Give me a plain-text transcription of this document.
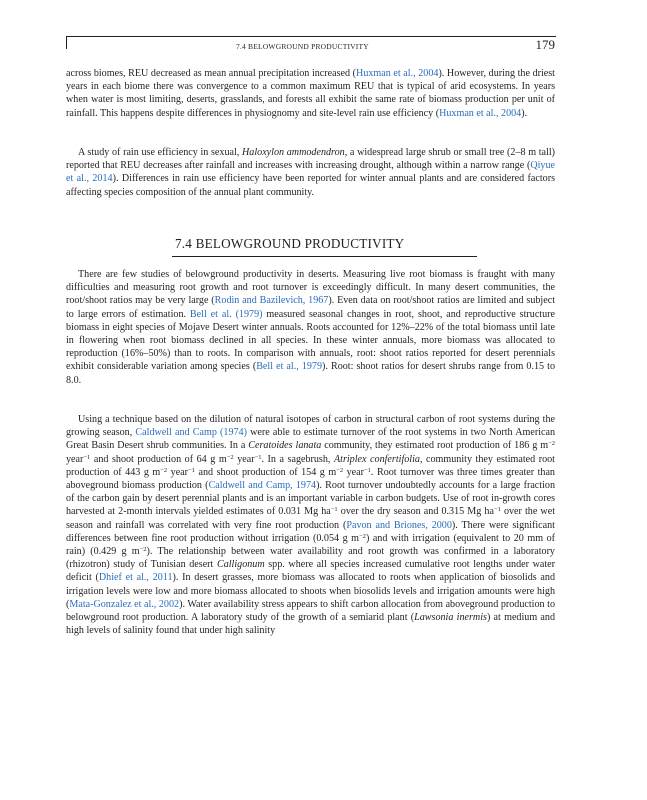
7.4 BELOWGROUND PRODUCTIVITY	179

across biomes, REU decreased as mean annual precipitation increased (Huxman et al., 2004). However, during the driest years in each biome there was convergence to a common maximum REU that is typical of arid ecosystems. In years when water is most limiting, deserts, grasslands, and forests all exhibit the same rate of biomass production per unit of rainfall. This happens despite differences in physiognomy and site-level rain use efficiency (Huxman et al., 2004).

A study of rain use efficiency in sexual, Haloxylon ammodendron, a widespread large shrub or small tree (2–8 m tall) reported that REU decreases after rainfall and increases with increasing drought, although within a narrow range (Qiyue et al., 2014). Differences in rain use efficiency have been reported for winter annual plants and are considered factors affecting species composition of the annual plant community.

7.4 BELOWGROUND PRODUCTIVITY

There are few studies of belowground productivity in deserts. Measuring live root biomass is fraught with many difficulties and measuring root growth and root turnover is exceedingly difficult. In many desert communities, the root/shoot ratios may be very large (Rodin and Bazilevich, 1967). Even data on root/shoot ratios are limited and subject to large errors of estimation. Bell et al. (1979) measured seasonal changes in root, shoot, and reproductive structure biomass in eight species of Mojave Desert winter annuals. Roots accounted for 12%–22% of the total biomass until late in flowering when root biomass declined in all species. In these winter annuals, more biomass was allocated to reproduction (16%–50%) than to roots. In comparison with annuals, root: shoot ratios reported for desert perennials exhibit considerable variation among species (Bell et al., 1979). Root: shoot ratios for desert shrubs range from 0.15 to 8.0.

Using a technique based on the dilution of natural isotopes of carbon in structural carbon of root systems during the growing season, Caldwell and Camp (1974) were able to estimate turnover of the root systems in two North American Great Basin Desert shrub communities. In a Ceratoides lanata community, they estimated root production of 186 g $m^{-2}$ year$^{-1}$ and shoot production of 64 g $m^{-2}$ year$^{-1}$. In a sagebrush, Atriplex confertifolia, community they estimated root production of 443 g $m^{-2}$ year$^{-1}$ and shoot production of 154 g $m^{-2}$ year$^{-1}$. Root turnover was three times greater than aboveground biomass production (Caldwell and Camp, 1974). Root turnover undoubtedly accounts for a large fraction of the carbon gain by desert perennial plants and is an important variable in carbon budgets. Use of root in-growth cores harvested at 2-month intervals yielded estimates of 0.031 Mg $ha^{-1}$ over the dry season and 0.315 Mg $ha^{-1}$ over the wet season and rainfall was correlated with very fine root production (Pavon and Briones, 2000). There were significant differences between fine root production without irrigation (0.054 g $m^{-2}$) and with irrigation (equivalent to 20 mm of rain) (0.429 g $m^{-2}$). The relationship between water availability and root growth was confirmed in a laboratory (rhizotron) study of Tunisian desert Calligonum spp. where all species increased cumulative root lengths under water deficit (Dhief et al., 2011). In desert grasses, more biomass was allocated to roots when application of biosolids and irrigation levels were low and more biomass allocated to shoots when biosolids levels and irrigation amounts were high (Mata-Gonzalez et al., 2002). Water availability stress appears to shift carbon allocation from aboveground production to belowground root production. A laboratory study of the growth of a semiarid plant (Lawsonia inermis) at medium and high levels of salinity found that under high salinity
